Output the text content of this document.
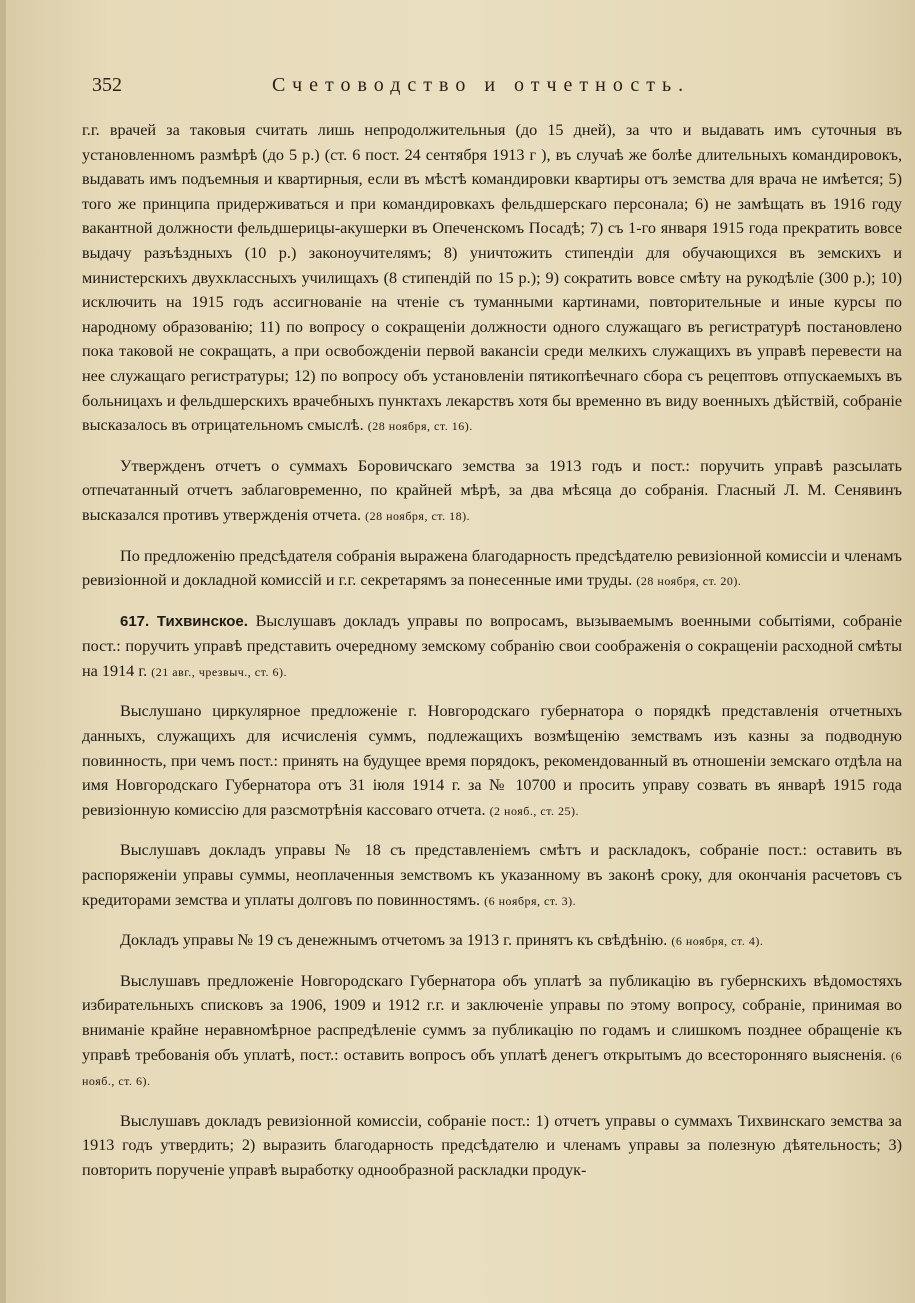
352	Счетоводство и отчетность.

г.г. врачей за таковыя считать лишь непродолжительныя (до 15 дней), за что и выдавать имъ суточныя въ установленномъ размѣрѣ (до 5 р.) (ст. 6 пост. 24 сентября 1913 г ), въ случаѣ же болѣе длительныхъ командировокъ, выдавать имъ подъемныя и квартирныя, если въ мѣстѣ командировки квартиры отъ земства для врача не имѣется; 5) того же принципа придерживаться и при командировкахъ фельдшерскаго персонала; 6) не замѣщать въ 1916 году вакантной должности фельдшерицы-акушерки въ Опеченскомъ Посадѣ; 7) съ 1-го января 1915 года прекратить вовсе выдачу разъѣздныхъ (10 р.) законоучителямъ; 8) уничтожить стипендіи для обучающихся въ земскихъ и министерскихъ двухклассныхъ училищахъ (8 стипендій по 15 р.); 9) сократить вовсе смѣту на рукодѣліе (300 р.); 10) исключить на 1915 годъ ассигнованіе на чтеніе съ туманными картинами, повторительные и иные курсы по народному образованію; 11) по вопросу о сокращеніи должности одного служащаго въ регистратурѣ постановлено пока таковой не сокращать, а при освобожденіи первой вакансіи среди мелкихъ служащихъ въ управѣ перевести на нее служащаго регистратуры; 12) по вопросу объ установленіи пятикопѣечнаго сбора съ рецептовъ отпускаемыхъ въ больницахъ и фельдшерскихъ врачебныхъ пунктахъ лекарствъ хотя бы временно въ виду военныхъ дѣйствій, собраніе высказалось въ отрицательномъ смыслѣ. (28 ноября, ст. 16).

Утвержденъ отчетъ о суммахъ Боровичскаго земства за 1913 годъ и пост.: поручить управѣ разсылать отпечатанный отчетъ заблаговременно, по крайней мѣрѣ, за два мѣсяца до собранія. Гласный Л. М. Сенявинъ высказался противъ утвержденія отчета. (28 ноября, ст. 18).

По предложенію предсѣдателя собранія выражена благодарность предсѣдателю ревизіонной комиссіи и членамъ ревизіонной и докладной комиссій и г.г. секретарямъ за понесенные ими труды. (28 ноября, ст. 20).

617. Тихвинское. Выслушавъ докладъ управы по вопросамъ, вызываемымъ военными событіями, собраніе пост.: поручить управѣ представить очередному земскому собранію свои соображенія о сокращеніи расходной смѣты на 1914 г. (21 авг., чрезвыч., ст. 6).

Выслушано циркулярное предложеніе г. Новгородскаго губернатора о порядкѣ представленія отчетныхъ данныхъ, служащихъ для исчисленія суммъ, подлежащихъ возмѣщенію земствамъ изъ казны за подводную повинность, при чемъ пост.: принять на будущее время порядокъ, рекомендованный въ отношеніи земскаго отдѣла на имя Новгородскаго Губернатора отъ 31 іюля 1914 г. за № 10700 и просить управу созвать въ январѣ 1915 года ревизіонную комиссію для разсмотрѣнія кассоваго отчета. (2 нояб., ст. 25).

Выслушавъ докладъ управы № 18 съ представленіемъ смѣтъ и раскладокъ, собраніе пост.: оставить въ распоряженіи управы суммы, неоплаченныя земствомъ къ указанному въ законѣ сроку, для окончанія расчетовъ съ кредиторами земства и уплаты долговъ по повинностямъ. (6 ноября, ст. 3).

Докладъ управы № 19 съ денежнымъ отчетомъ за 1913 г. принятъ къ свѣдѣнію. (6 ноября, ст. 4).

Выслушавъ предложеніе Новгородскаго Губернатора объ уплатѣ за публикацію въ губернскихъ вѣдомостяхъ избирательныхъ списковъ за 1906, 1909 и 1912 г.г. и заключеніе управы по этому вопросу, собраніе, принимая во вниманіе крайне неравномѣрное распредѣленіе суммъ за публикацію по годамъ и слишкомъ позднее обращеніе къ управѣ требованія объ уплатѣ, пост.: оставить вопросъ объ уплатѣ денегъ открытымъ до всесторонняго выясненія. (6 нояб., ст. 6).

Выслушавъ докладъ ревизіонной комиссіи, собраніе пост.: 1) отчетъ управы о суммахъ Тихвинскаго земства за 1913 годъ утвердить; 2) выразить благодарность предсѣдателю и членамъ управы за полезную дѣятельность; 3) повторить порученіе управѣ выработку однообразной раскладки продук-
